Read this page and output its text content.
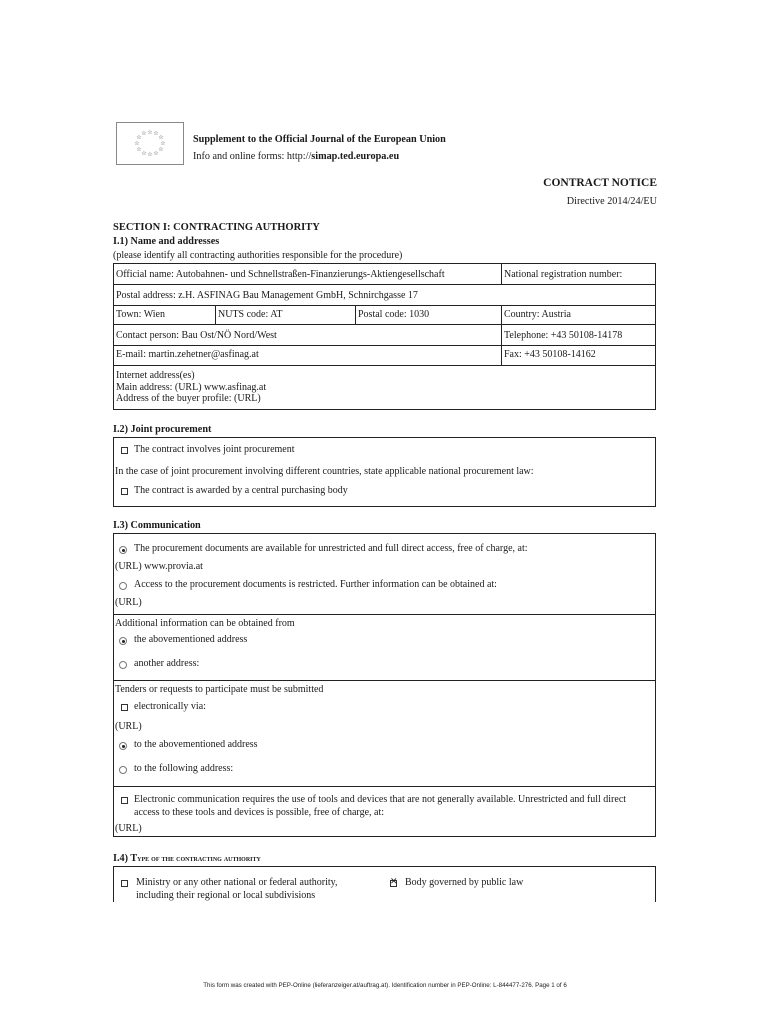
☆ ☆
☆
☆
☆
☆
☆
☆
☆
☆
☆
☆
Supplement to the Official Journal of the European Union
Info and online forms: http://simap.ted.europa.eu
CONTRACT NOTICE
Directive 2014/24/EU
SECTION I: CONTRACTING AUTHORITY
I.1) Name and addresses
(please identify all contracting authorities responsible for the procedure)
Official name: Autobahnen- und Schnellstraßen-Finanzierungs-Aktiengesellschaft	National registration number:
Postal address: z.H. ASFINAG Bau Management GmbH, Schnirchgasse 17
Town: Wien	NUTS code: AT	Postal code: 1030	Country: Austria
Contact person: Bau Ost/NÖ Nord/West	Telephone: +43 50108-14178
E-mail: martin.zehetner@asfinag.at	Fax: +43 50108-14162
Internet address(es)
Main address: (URL) www.asfinag.at
Address of the buyer profile: (URL)
I.2) Joint procurement
The contract involves joint procurement
In the case of joint procurement involving different countries, state applicable national procurement law:
The contract is awarded by a central purchasing body
I.3) Communication
The procurement documents are available for unrestricted and full direct access, free of charge, at:
(URL) www.provia.at
Access to the procurement documents is restricted. Further information can be obtained at:
(URL)
Additional information can be obtained from
the abovementioned address
another address:
Tenders or requests to participate must be submitted
electronically via:
(URL)
to the abovementioned address
to the following address:
Electronic communication requires the use of tools and devices that are not generally available. Unrestricted and full direct
access to these tools and devices is possible, free of charge, at:
(URL)
I.4) Type of the contracting authority
Ministry or any other national or federal authority,
including their regional or local subdivisions
✕
Body governed by public law
This form was created with PEP-Online (lieferanzeiger.at/auftrag.at). Identification number in PEP-Online: L-844477-276. Page 1 of 6
